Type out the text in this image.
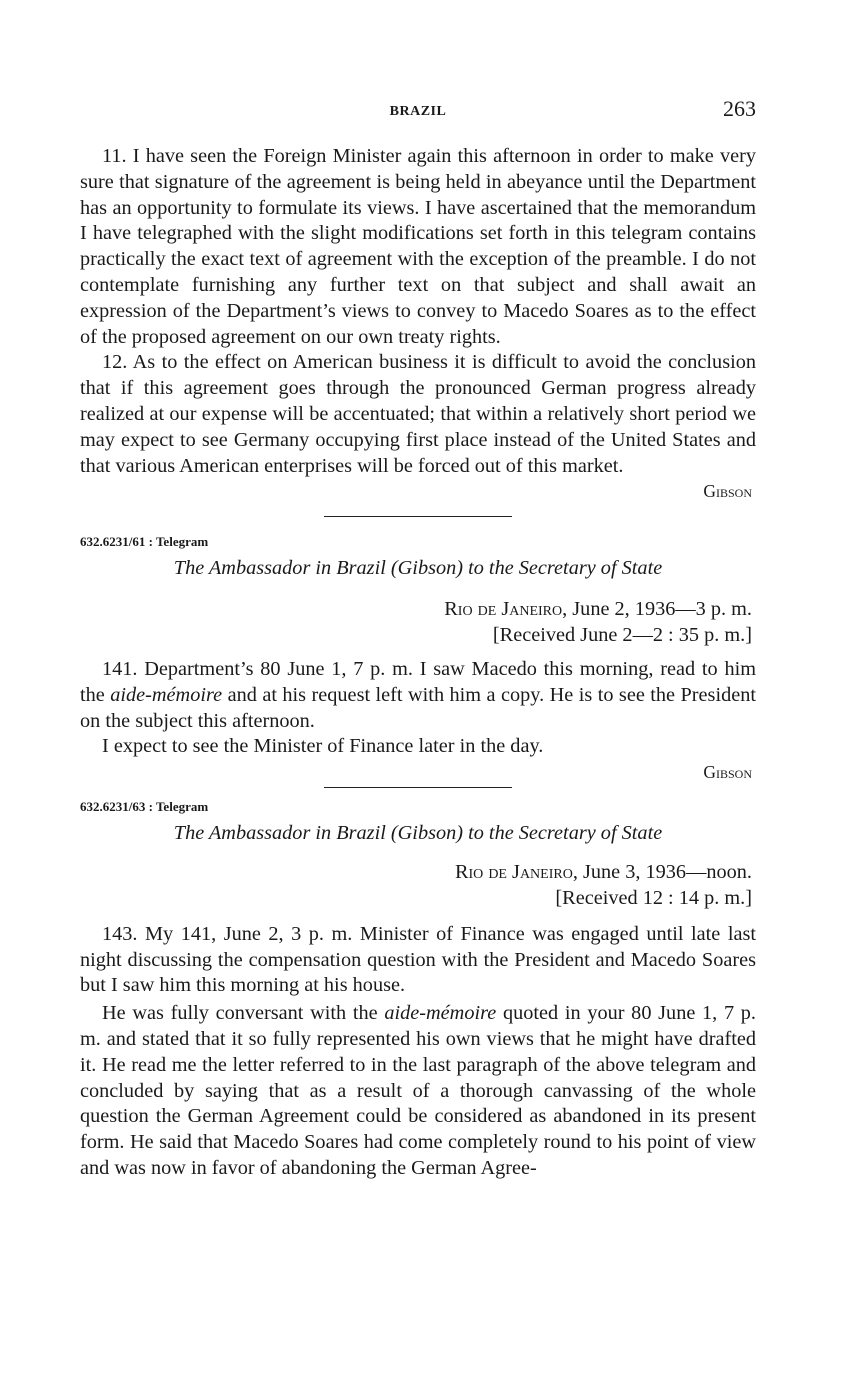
BRAZIL	263

11. I have seen the Foreign Minister again this afternoon in order to make very sure that signature of the agreement is being held in abeyance until the Department has an opportunity to formulate its views. I have ascertained that the memorandum I have telegraphed with the slight modifications set forth in this telegram contains practically the exact text of agreement with the exception of the preamble. I do not contemplate furnishing any further text on that subject and shall await an expression of the Department’s views to convey to Macedo Soares as to the effect of the proposed agreement on our own treaty rights.

12. As to the effect on American business it is difficult to avoid the conclusion that if this agreement goes through the pronounced German progress already realized at our expense will be accentuated; that within a relatively short period we may expect to see Germany occupying first place instead of the United States and that various American enterprises will be forced out of this market.

Gibson

632.6231/61 : Telegram

The Ambassador in Brazil (Gibson) to the Secretary of State

Rio de Janeiro, June 2, 1936—3 p. m.

[Received June 2—2 : 35 p. m.]

141. Department’s 80 June 1, 7 p. m. I saw Macedo this morning, read to him the aide-mémoire and at his request left with him a copy. He is to see the President on the subject this afternoon.

I expect to see the Minister of Finance later in the day.

Gibson

632.6231/63 : Telegram

The Ambassador in Brazil (Gibson) to the Secretary of State

Rio de Janeiro, June 3, 1936—noon.

[Received 12 : 14 p. m.]

143. My 141, June 2, 3 p. m. Minister of Finance was engaged until late last night discussing the compensation question with the President and Macedo Soares but I saw him this morning at his house.

He was fully conversant with the aide-mémoire quoted in your 80 June 1, 7 p. m. and stated that it so fully represented his own views that he might have drafted it. He read me the letter referred to in the last paragraph of the above telegram and concluded by saying that as a result of a thorough canvassing of the whole question the German Agreement could be considered as abandoned in its present form. He said that Macedo Soares had come completely round to his point of view and was now in favor of abandoning the German Agree-
